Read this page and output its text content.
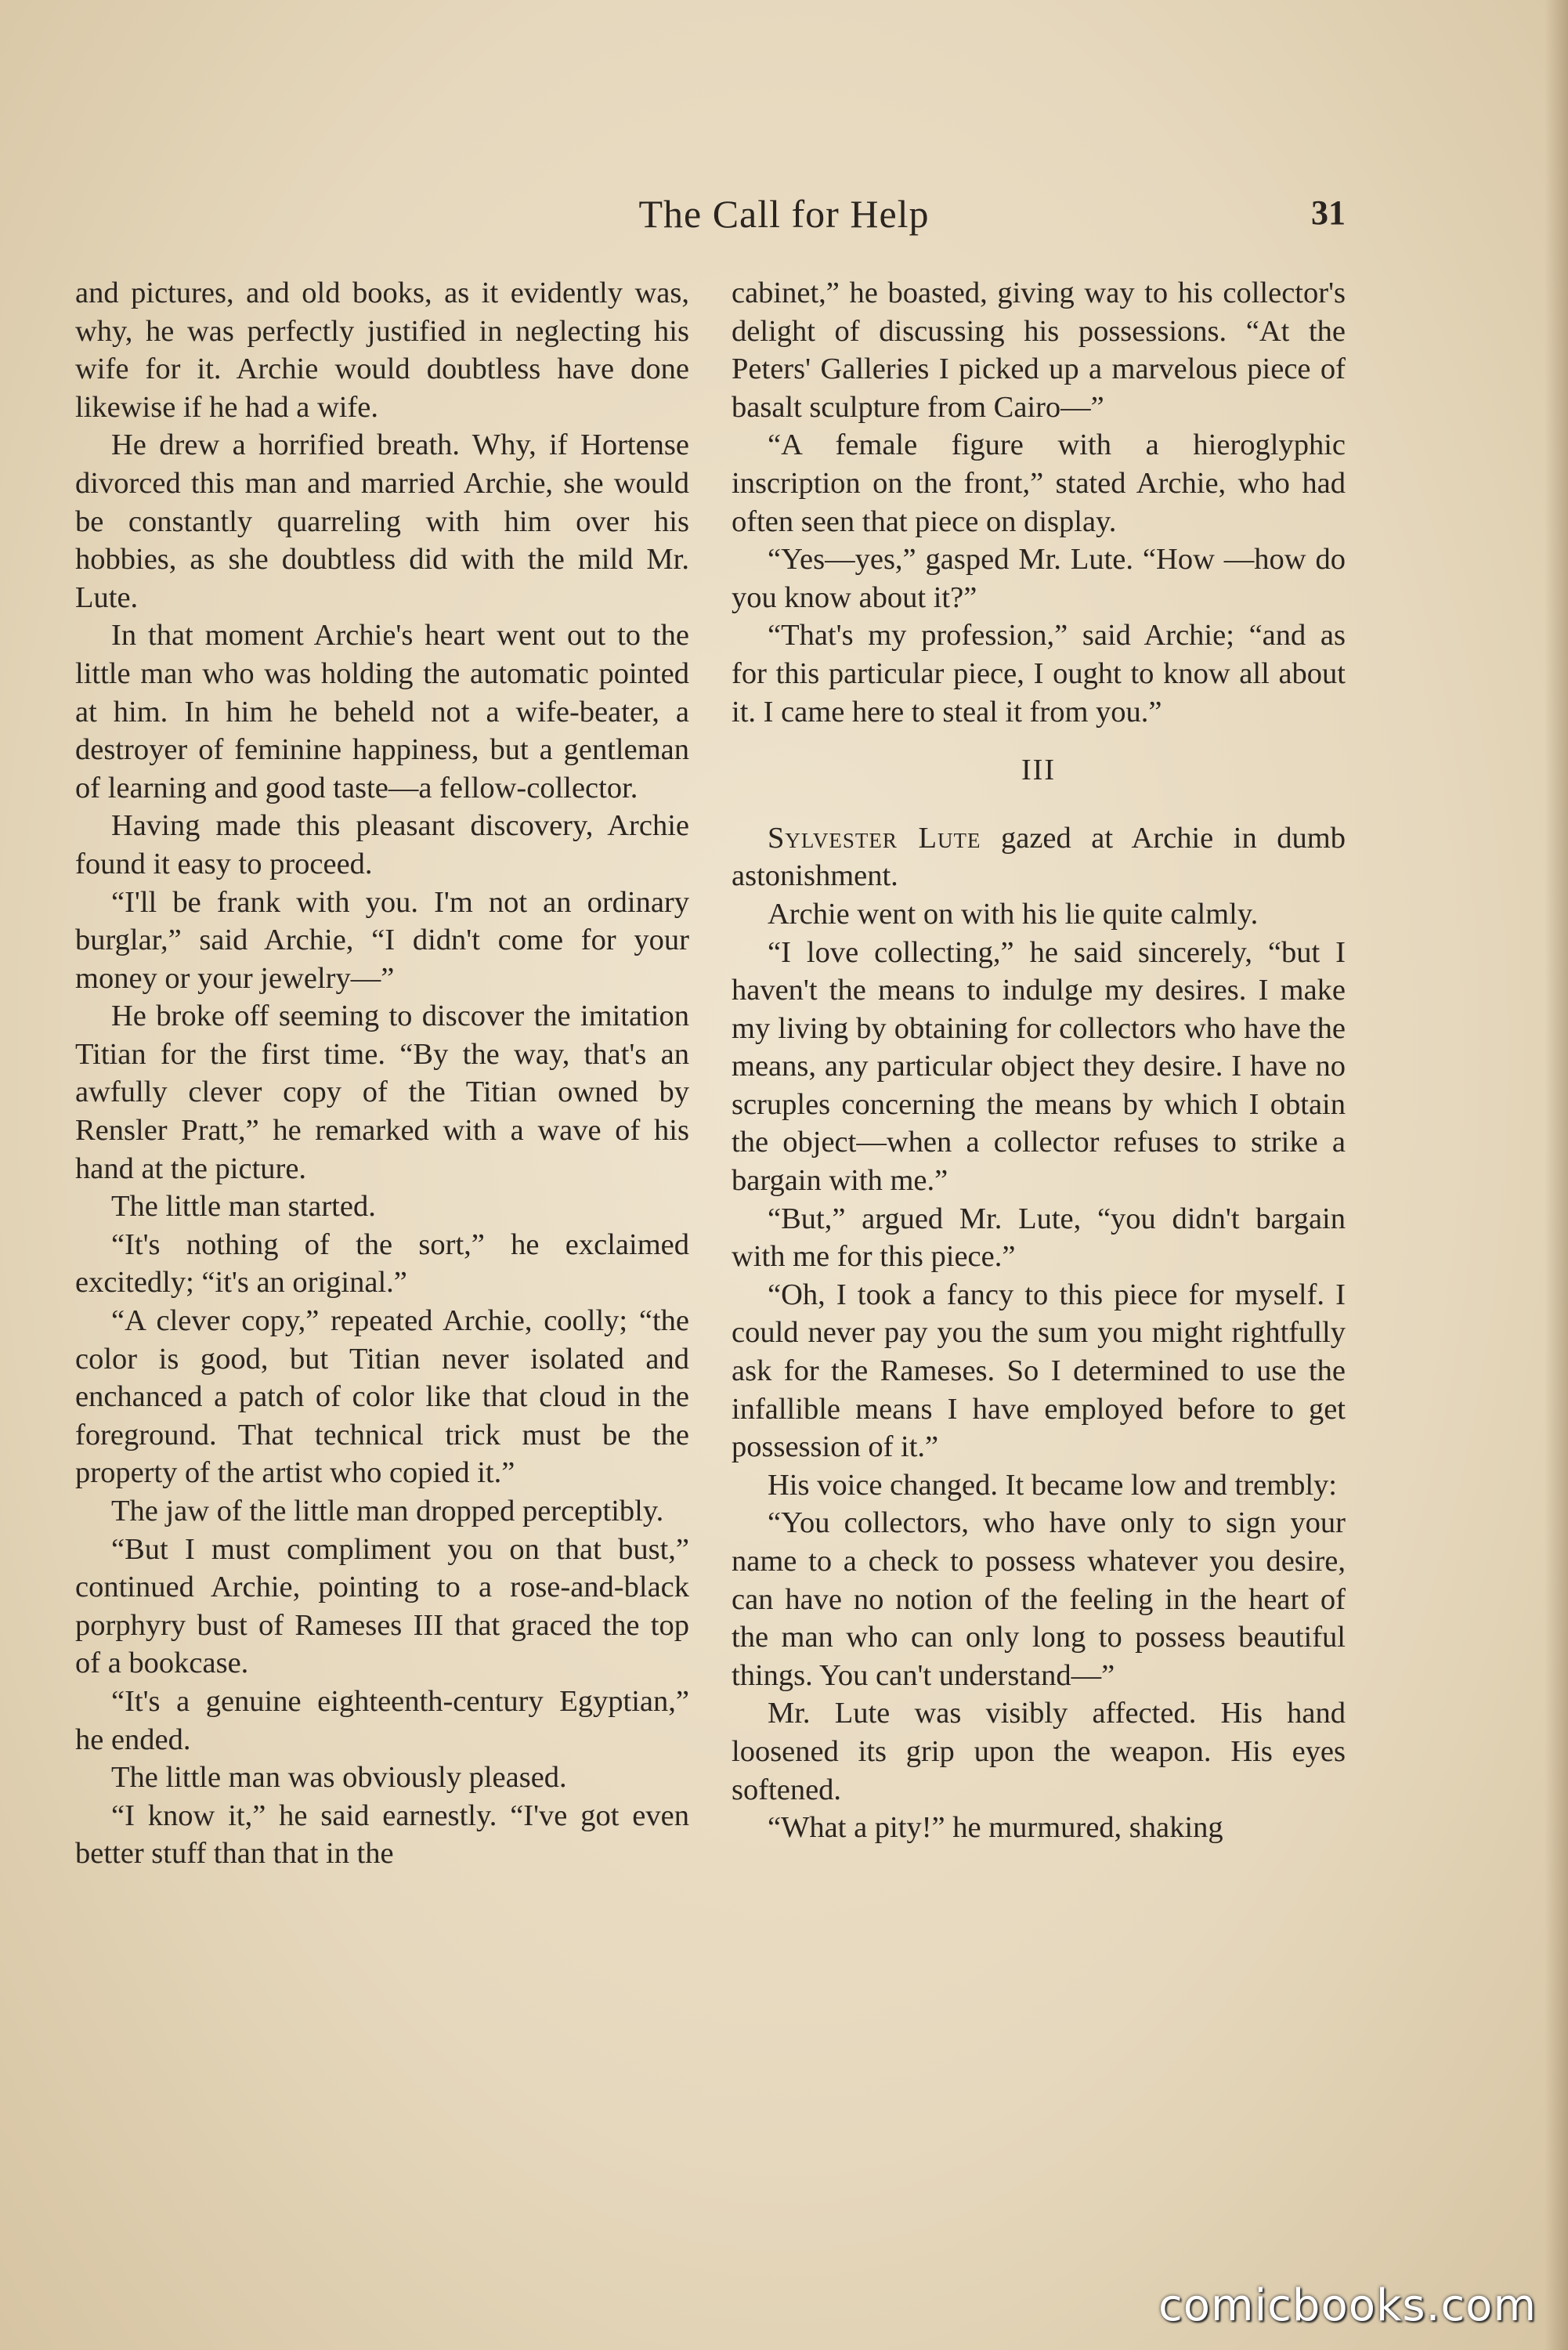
The Call for Help	31

and pictures, and old books, as it evidently was, why, he was perfectly justified in neglecting his wife for it. Archie would doubtless have done likewise if he had a wife.

He drew a horrified breath. Why, if Hortense divorced this man and married Archie, she would be constantly quarreling with him over his hobbies, as she doubtless did with the mild Mr. Lute.

In that moment Archie's heart went out to the little man who was holding the automatic pointed at him. In him he beheld not a wife-beater, a destroyer of feminine happiness, but a gentleman of learning and good taste—a fellow-collector.

Having made this pleasant discovery, Archie found it easy to proceed.

“I'll be frank with you. I'm not an ordinary burglar,” said Archie, “I didn't come for your money or your jewelry—”

He broke off seeming to discover the imitation Titian for the first time. “By the way, that's an awfully clever copy of the Titian owned by Rensler Pratt,” he remarked with a wave of his hand at the picture.

The little man started.

“It's nothing of the sort,” he exclaimed excitedly; “it's an original.”

“A clever copy,” repeated Archie, coolly; “the color is good, but Titian never isolated and enchanced a patch of color like that cloud in the foreground. That technical trick must be the property of the artist who copied it.”

The jaw of the little man dropped perceptibly.

“But I must compliment you on that bust,” continued Archie, pointing to a rose-and-black porphyry bust of Rameses III that graced the top of a bookcase.

“It's a genuine eighteenth-century Egyptian,” he ended.

The little man was obviously pleased.

“I know it,” he said earnestly. “I've got even better stuff than that in the

cabinet,” he boasted, giving way to his collector's delight of discussing his possessions. “At the Peters' Galleries I picked up a marvelous piece of basalt sculpture from Cairo—”

“A female figure with a hieroglyphic inscription on the front,” stated Archie, who had often seen that piece on display.

“Yes—yes,” gasped Mr. Lute. “How —how do you know about it?”

“That's my profession,” said Archie; “and as for this particular piece, I ought to know all about it. I came here to steal it from you.”

III

Sylvester Lute gazed at Archie in dumb astonishment.

Archie went on with his lie quite calmly.

“I love collecting,” he said sincerely, “but I haven't the means to indulge my desires. I make my living by obtaining for collectors who have the means, any particular object they desire. I have no scruples concerning the means by which I obtain the object—when a collector refuses to strike a bargain with me.”

“But,” argued Mr. Lute, “you didn't bargain with me for this piece.”

“Oh, I took a fancy to this piece for myself. I could never pay you the sum you might rightfully ask for the Rameses. So I determined to use the infallible means I have employed before to get possession of it.”

His voice changed. It became low and trembly:

“You collectors, who have only to sign your name to a check to possess whatever you desire, can have no notion of the feeling in the heart of the man who can only long to possess beautiful things. You can't understand—”

Mr. Lute was visibly affected. His hand loosened its grip upon the weapon. His eyes softened.

“What a pity!” he murmured, shaking

comicbooks.com
